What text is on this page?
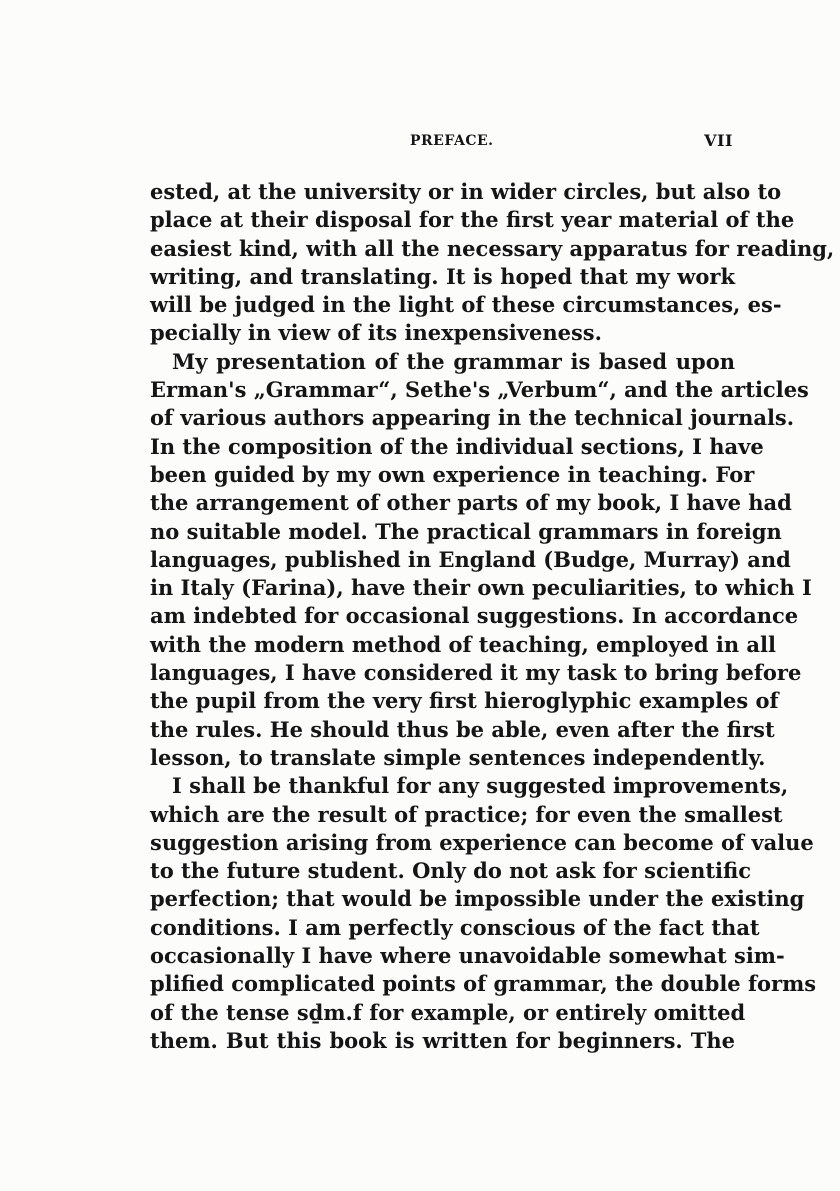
PREFACE.	VII
ested, at the university or in wider circles, but also to
place at their disposal for the first year material of the
easiest kind, with all the necessary apparatus for reading,
writing, and translating. It is hoped that my work
will be judged in the light of these circumstances, es-
pecially in view of its inexpensiveness.
My presentation of the grammar is based upon
Erman's „Grammar“, Sethe's „Verbum“, and the articles
of various authors appearing in the technical journals.
In the composition of the individual sections, I have
been guided by my own experience in teaching. For
the arrangement of other parts of my book, I have had
no suitable model. The practical grammars in foreign
languages, published in England (Budge, Murray) and
in Italy (Farina), have their own peculiarities, to which I
am indebted for occasional suggestions. In accordance
with the modern method of teaching, employed in all
languages, I have considered it my task to bring before
the pupil from the very first hieroglyphic examples of
the rules. He should thus be able, even after the first
lesson, to translate simple sentences independently.
I shall be thankful for any suggested improvements,
which are the result of practice; for even the smallest
suggestion arising from experience can become of value
to the future student. Only do not ask for scientific
perfection; that would be impossible under the existing
conditions. I am perfectly conscious of the fact that
occasionally I have where unavoidable somewhat sim-
plified complicated points of grammar, the double forms
of the tense sḏm.f for example, or entirely omitted
them. But this book is written for beginners. The
